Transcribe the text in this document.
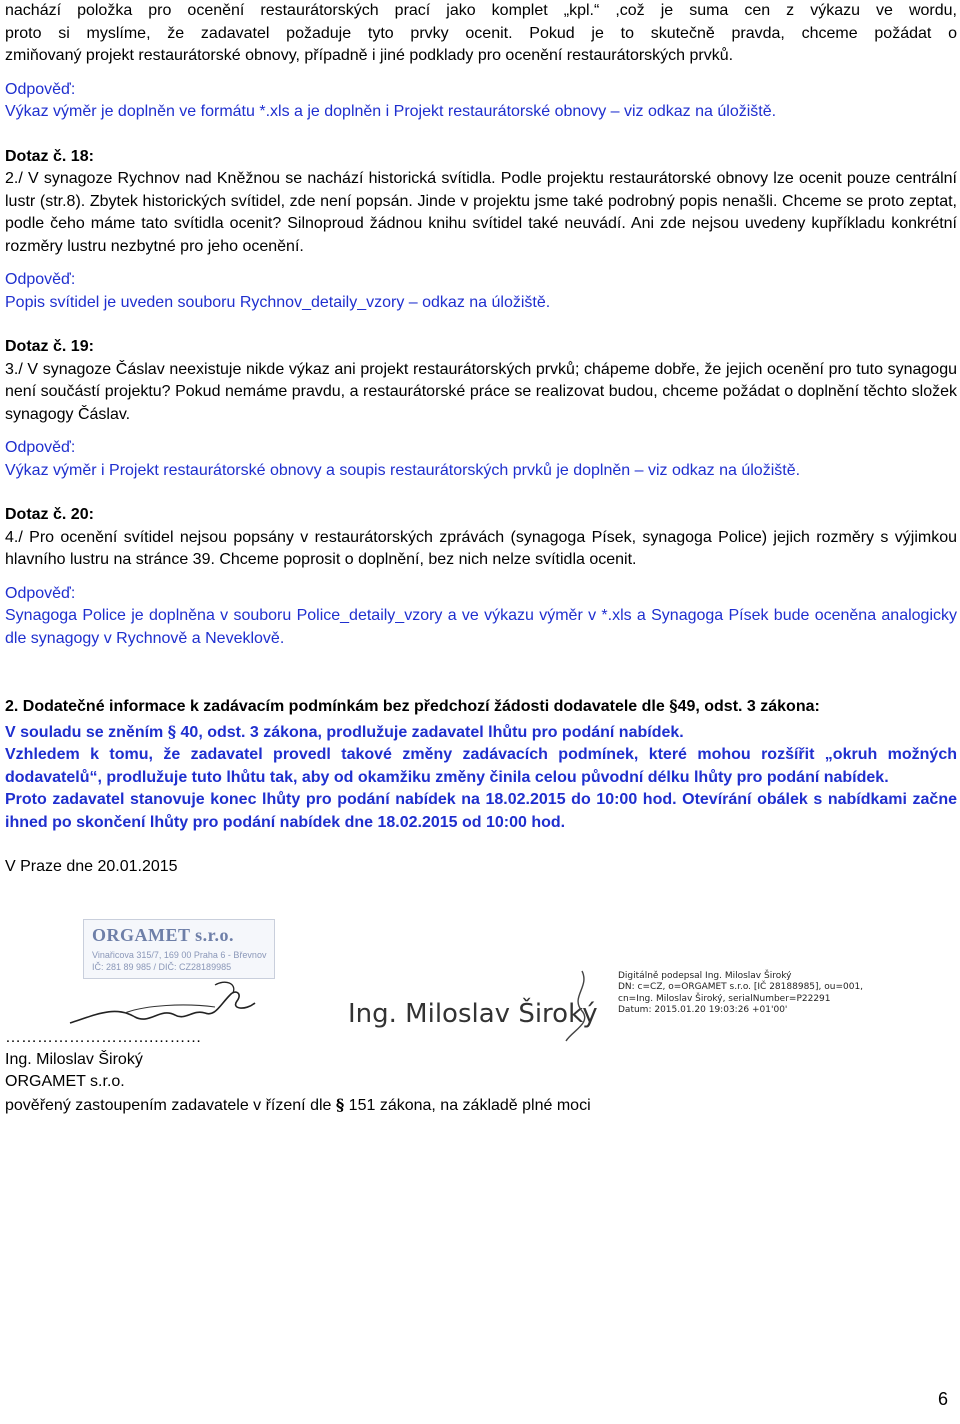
nachází položka pro ocenění restaurátorských prací jako komplet „kpl.“ ,což je suma cen z výkazu ve wordu,

proto si myslíme, že zadavatel požaduje tyto prvky ocenit. Pokud je to skutečně pravda, chceme požádat o

zmiňovaný projekt restaurátorské obnovy, případně i jiné podklady pro ocenění restaurátorských prvků.

Odpověď:

Výkaz výměr je doplněn ve formátu *.xls a je doplněn i Projekt restaurátorské obnovy – viz odkaz na úložiště.

Dotaz č. 18:

2./ V synagoze Rychnov nad Kněžnou se nachází historická svítidla. Podle projektu restaurátorské obnovy lze ocenit pouze centrální lustr (str.8). Zbytek historických svítidel, zde není popsán. Jinde v projektu jsme také podrobný popis nenašli. Chceme se proto zeptat, podle čeho máme tato svítidla ocenit? Silnoproud žádnou knihu svítidel také neuvádí. Ani zde nejsou uvedeny kupříkladu konkrétní rozměry lustru nezbytné pro jeho ocenění.

Odpověď:

Popis svítidel je uveden souboru Rychnov_detaily_vzory – odkaz na úložiště.

Dotaz č. 19:

3./ V synagoze Čáslav neexistuje nikde výkaz ani projekt restaurátorských prvků; chápeme dobře, že jejich ocenění pro tuto synagogu není součástí projektu? Pokud nemáme pravdu, a restaurátorské práce se realizovat budou, chceme požádat o doplnění těchto složek synagogy Čáslav.

Odpověď:

Výkaz výměr i Projekt restaurátorské obnovy a soupis restaurátorských prvků je doplněn – viz odkaz na úložiště.

Dotaz č. 20:

4./ Pro ocenění svítidel nejsou popsány v restaurátorských zprávách (synagoga Písek, synagoga Police) jejich rozměry s výjimkou hlavního lustru na stránce 39. Chceme poprosit o doplnění, bez nich nelze svítidla ocenit.

Odpověď:

Synagoga Police je doplněna v souboru Police_detaily_vzory a ve výkazu výměr v *.xls a Synagoga Písek bude oceněna analogicky dle synagogy v Rychnově a Neveklově.

2. Dodatečné informace k zadávacím podmínkám bez předchozí žádosti dodavatele dle §49, odst. 3 zákona:

V souladu se zněním § 40, odst. 3 zákona, prodlužuje zadavatel lhůtu pro podání nabídek.

Vzhledem k tomu, že zadavatel provedl takové změny zadávacích podmínek, které mohou rozšířit „okruh možných dodavatelů“, prodlužuje tuto lhůtu tak, aby od okamžiku změny činila celou původní délku lhůty pro podání nabídek.

Proto zadavatel stanovuje konec lhůty pro podání nabídek na 18.02.2015 do 10:00 hod. Otevírání obálek s nabídkami začne ihned po skončení lhůty pro podání nabídek dne 18.02.2015 od 10:00 hod.

V Praze dne 20.01.2015

ORGAMET s.r.o.
Vinařicova 315/7, 169 00 Praha 6 - Břevnov
IČ: 281 89 985 / DIČ: CZ28189985
Ing. Miloslav Široký
Digitálně podepsal Ing. Miloslav Široký
DN: c=CZ, o=ORGAMET s.r.o. [IČ 28188985], ou=001,
cn=Ing. Miloslav Široký, serialNumber=P22291
Datum: 2015.01.20 19:03:26 +01'00'
……………………….………

Ing. Miloslav Široký

ORGAMET s.r.o.

pověřený zastoupením zadavatele v řízení dle § 151 zákona, na základě plné moci

6
